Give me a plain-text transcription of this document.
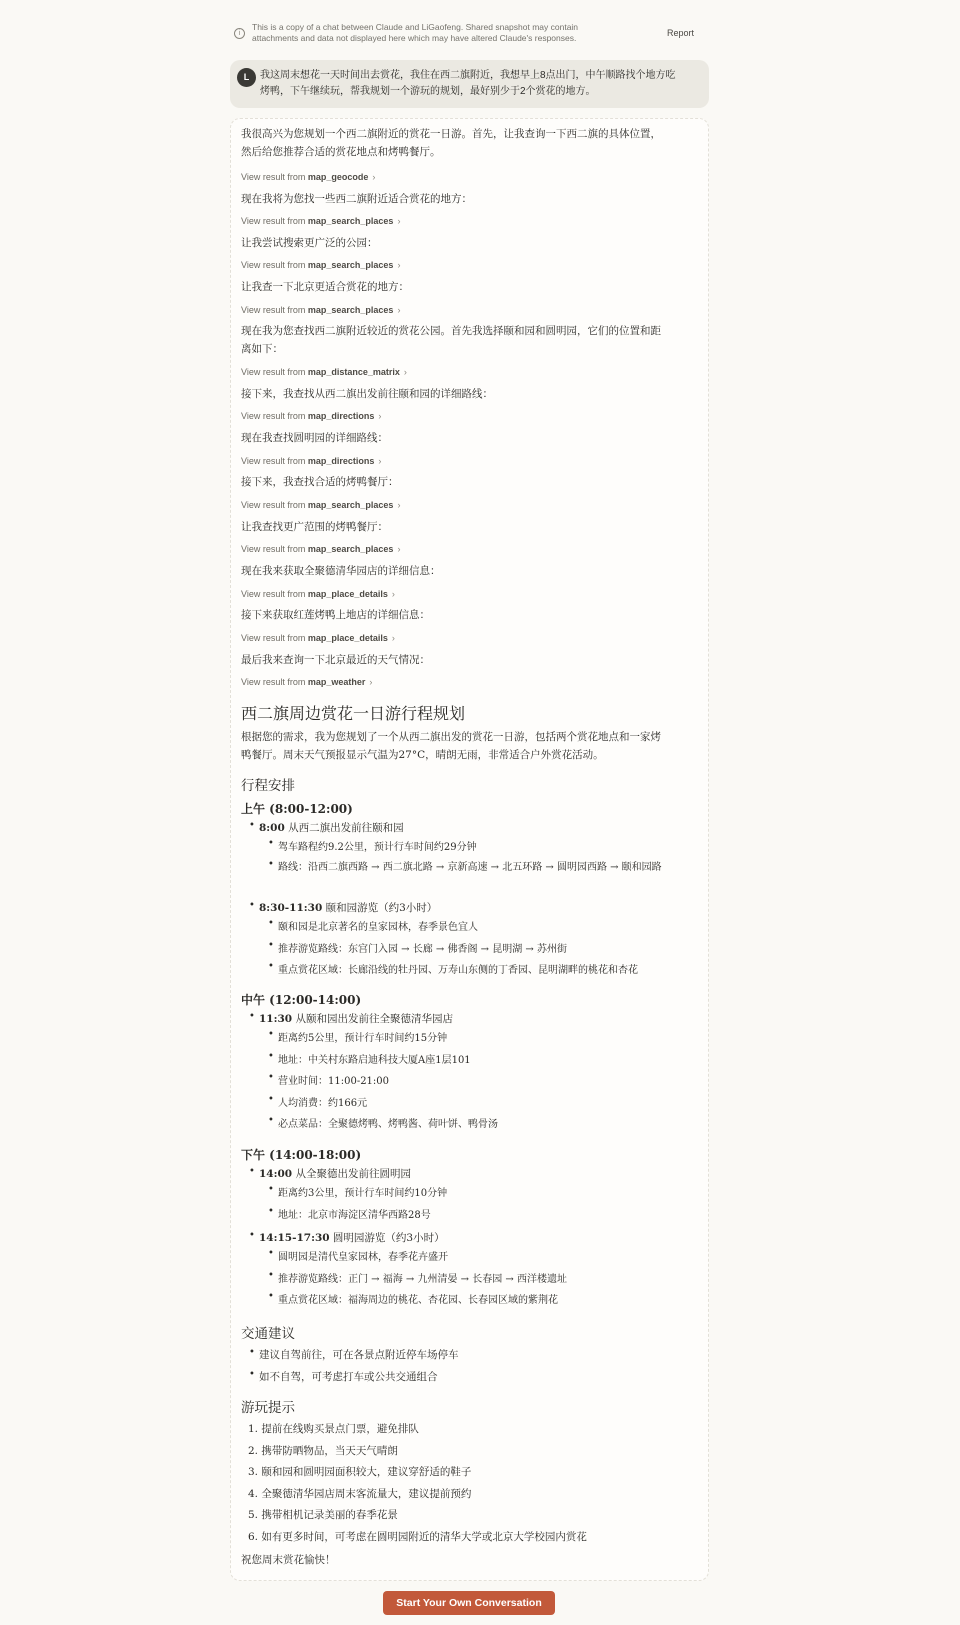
i
This is a copy of a chat between Claude and LiGaofeng. Shared snapshot may contain attachments and data not displayed here which may have altered Claude's responses.	Report
L	我这周末想花一天时间出去赏花，我住在西二旗附近，我想早上8点出门，中午顺路找个地方吃烤鸭，下午继续玩，帮我规划一个游玩的规划，最好别少于2个赏花的地方。
我很高兴为您规划一个西二旗附近的赏花一日游。首先，让我查询一下西二旗的具体位置，然后给您推荐合适的赏花地点和烤鸭餐厅。
View result from map_geocode ›
现在我将为您找一些西二旗附近适合赏花的地方：
View result from map_search_places ›
让我尝试搜索更广泛的公园：
View result from map_search_places ›
让我查一下北京更适合赏花的地方：
View result from map_search_places ›
现在我为您查找西二旗附近较近的赏花公园。首先我选择颐和园和圆明园，它们的位置和距离如下：
View result from map_distance_matrix ›
接下来，我查找从西二旗出发前往颐和园的详细路线：
View result from map_directions ›
现在我查找圆明园的详细路线：
View result from map_directions ›
接下来，我查找合适的烤鸭餐厅：
View result from map_search_places ›
让我查找更广范围的烤鸭餐厅：
View result from map_search_places ›
现在我来获取全聚德清华园店的详细信息：
View result from map_place_details ›
接下来获取红莲烤鸭上地店的详细信息：
View result from map_place_details ›
最后我来查询一下北京最近的天气情况：
View result from map_weather ›
西二旗周边赏花一日游行程规划
根据您的需求，我为您规划了一个从西二旗出发的赏花一日游，包括两个赏花地点和一家烤鸭餐厅。周末天气预报显示气温为27°C，晴朗无雨，非常适合户外赏花活动。
行程安排
上午 (8:00-12:00)
• 8:00 从西二旗出发前往颐和园
• 驾车路程约9.2公里，预计行车时间约29分钟
• 路线：沿西二旗西路 → 西二旗北路 → 京新高速 → 北五环路 → 圆明园西路 → 颐和园路
• 8:30-11:30 颐和园游览（约3小时）
• 颐和园是北京著名的皇家园林，春季景色宜人
• 推荐游览路线：东宫门入园 → 长廊 → 佛香阁 → 昆明湖 → 苏州街
• 重点赏花区域：长廊沿线的牡丹园、万寿山东侧的丁香园、昆明湖畔的桃花和杏花
中午 (12:00-14:00)
• 11:30 从颐和园出发前往全聚德清华园店
• 距离约5公里，预计行车时间约15分钟
• 地址：中关村东路启迪科技大厦A座1层101
• 营业时间：11:00-21:00
• 人均消费：约166元
• 必点菜品：全聚德烤鸭、烤鸭酱、荷叶饼、鸭骨汤
下午 (14:00-18:00)
• 14:00 从全聚德出发前往圆明园
• 距离约3公里，预计行车时间约10分钟
• 地址：北京市海淀区清华西路28号
• 14:15-17:30 圆明园游览（约3小时）
• 圆明园是清代皇家园林，春季花卉盛开
• 推荐游览路线：正门 → 福海 → 九州清晏 → 长春园 → 西洋楼遗址
• 重点赏花区域：福海周边的桃花、杏花园、长春园区域的紫荆花
交通建议
• 建议自驾前往，可在各景点附近停车场停车
• 如不自驾，可考虑打车或公共交通组合
游玩提示
1. 提前在线购买景点门票，避免排队
2. 携带防晒物品，当天天气晴朗
3. 颐和园和圆明园面积较大，建议穿舒适的鞋子
4. 全聚德清华园店周末客流量大，建议提前预约
5. 携带相机记录美丽的春季花景
6. 如有更多时间，可考虑在圆明园附近的清华大学或北京大学校园内赏花
祝您周末赏花愉快！
Start Your Own Conversation
